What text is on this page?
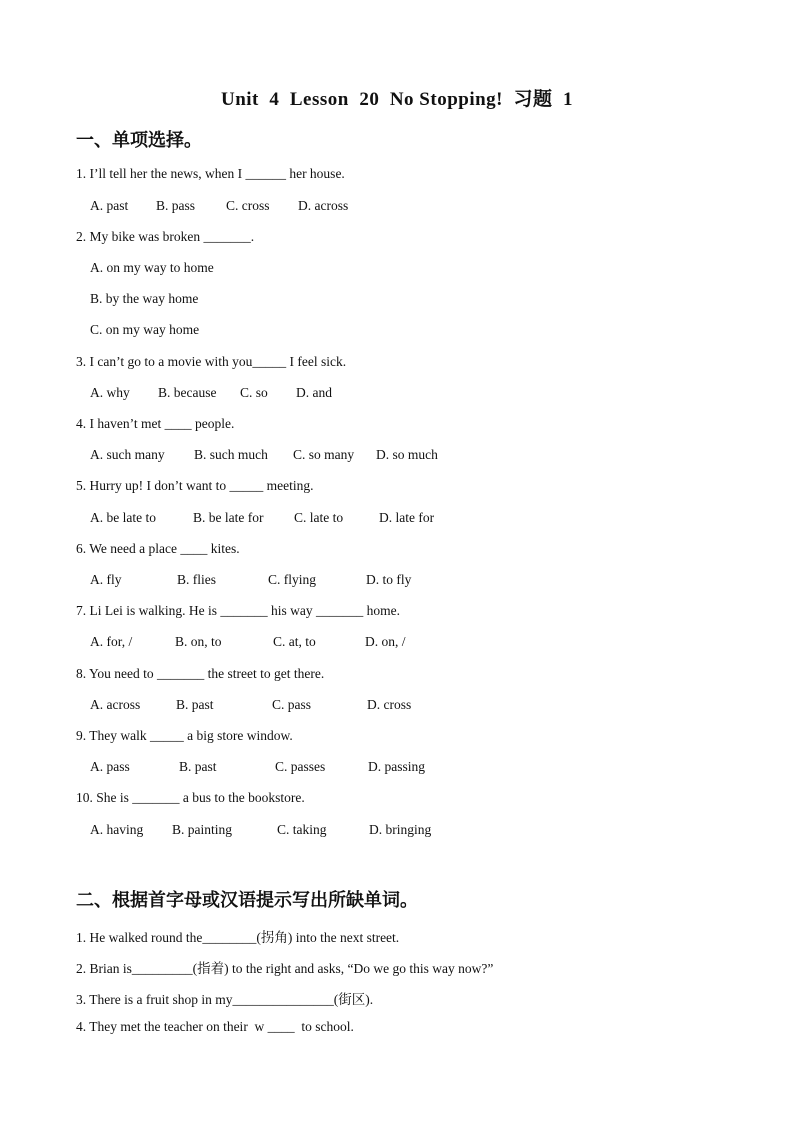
Unit  4  Lesson  20  No Stopping!  习题  1
一、单项选择。
1. I’ll tell her the news, when I ______ her house.
A. past B. pass C. cross D. across
2. My bike was broken _______.
A. on my way to home
B. by the way home
C. on my way home
3. I can’t go to a movie with you_____ I feel sick.
A. why B. because C. so D. and
4. I haven’t met ____ people.
A. such many B. such much C. so many D. so much
5. Hurry up! I don’t want to _____ meeting.
A. be late to	B. be late for C. late to	D. late for
6. We need a place ____ kites.
A. fly	B. flies	C. flying	D. to fly
7. Li Lei is walking. He is _______ his way _______ home.
A. for, /	B. on, to	C. at, to	D. on, /
8. You need to _______ the street to get there.
A. across	B. past	C. pass	D. cross
9. They walk _____ a big store window.
A. pass	B. past	C. passes	D. passing
10. She is _______ a bus to the bookstore.
A. having B. painting	C. taking	D. bringing
二、根据首字母或汉语提示写出所缺单词。
1. He walked round the________(拐角) into the next street.
2. Brian is_________(指着) to the right and asks, “Do we go this way now?”
3. There is a fruit shop in my_______________(街区).
4. They met the teacher on their  w ____  to school.
